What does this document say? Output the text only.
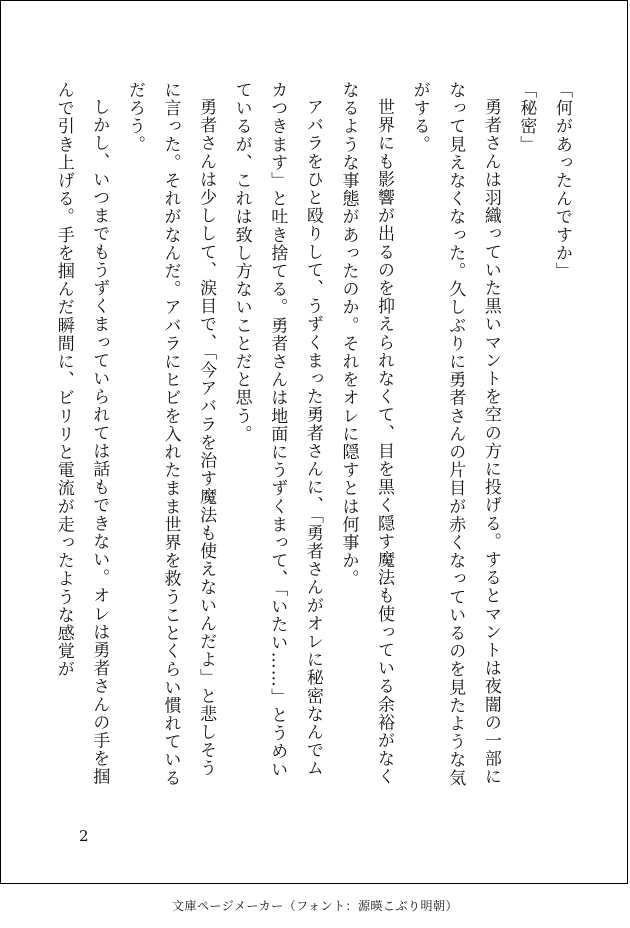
「何があったんですか」

「秘密」

勇者さんは羽織っていた黒いマントを空の方に投げる。するとマントは夜闇の一部になって見えなくなった。久しぶりに勇者さんの片目が赤くなっているのを見たような気がする。

世界にも影響が出るのを抑えられなくて、目を黒く隠す魔法も使っている余裕がなくなるような事態があったのか。それをオレに隠すとは何事か。

アバラをひと殴りして、うずくまった勇者さんに、「勇者さんがオレに秘密なんでムカつきます」と吐き捨てる。勇者さんは地面にうずくまって、「いたい……」とうめいているが、これは致し方ないことだと思う。

勇者さんは少しして、涙目で、「今アバラを治す魔法も使えないんだよ」と悲しそうに言った。それがなんだ。アバラにヒビを入れたまま世界を救うことくらい慣れているだろう。

しかし、いつまでもうずくまっていられては話もできない。オレは勇者さんの手を掴んで引き上げる。手を掴んだ瞬間に、ビリリと電流が走ったような感覚が

2
文庫ページメーカー（フォント：源暎こぶり明朝）
